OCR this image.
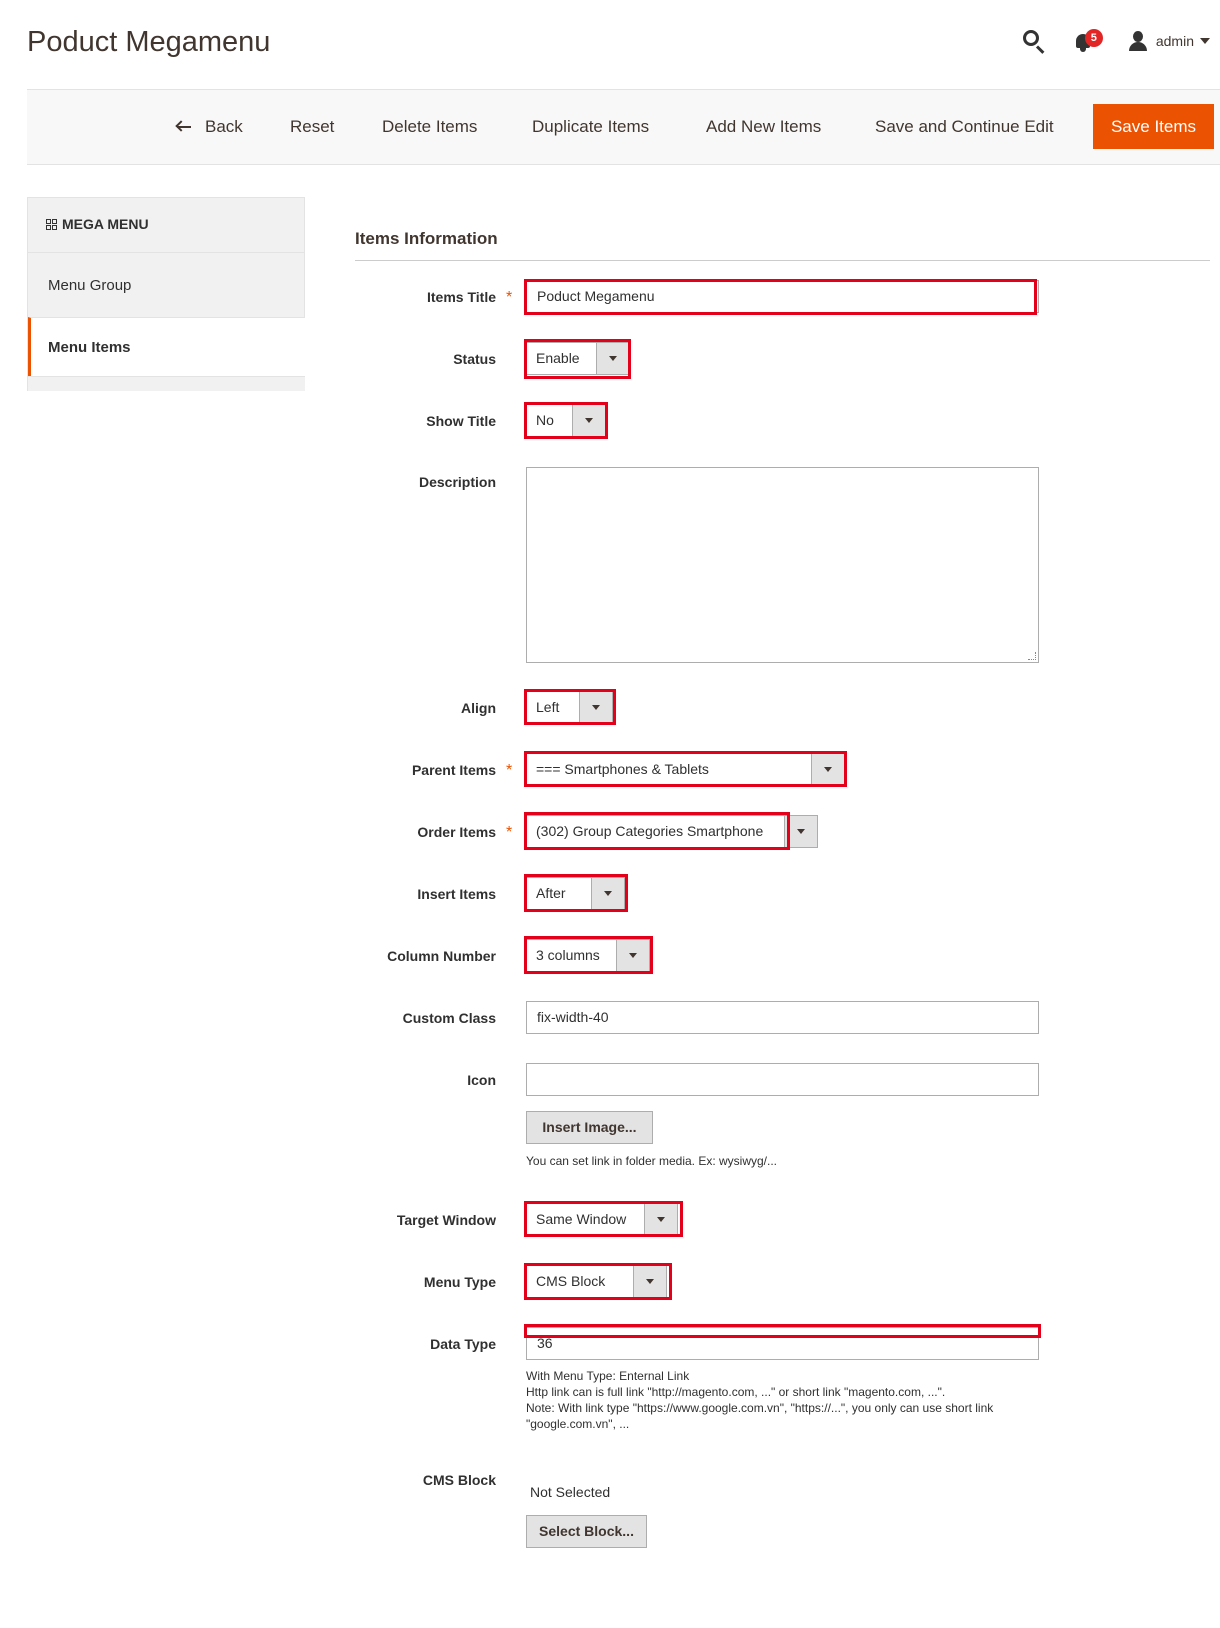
Poduct Megamenu	5	admin
Back	Reset	Delete Items	Duplicate Items	Add New Items	Save and Continue Edit	Save Items
MEGA MENU
Menu Group
Menu Items
Items Information
Items Title *	Poduct Megamenu
Status	Enable
Show Title	No
Description
Align	Left
Parent Items * === Smartphones & Tablets
Order Items * (302) Group Categories Smartphone
Insert Items	After
Column Number	3 columns
Custom Class	fix-width-40
Icon
Insert Image...
You can set link in folder media. Ex: wysiwyg/...
Target Window	Same Window
Menu Type	CMS Block
Data Type	36
With Menu Type: Enternal Link
Http link can is full link "http://magento.com, ..." or short link "magento.com, ...".
Note: With link type "https://www.google.com.vn", "https://...", you only can use short link "google.com.vn", ...
CMS Block
Not Selected
Select Block...
